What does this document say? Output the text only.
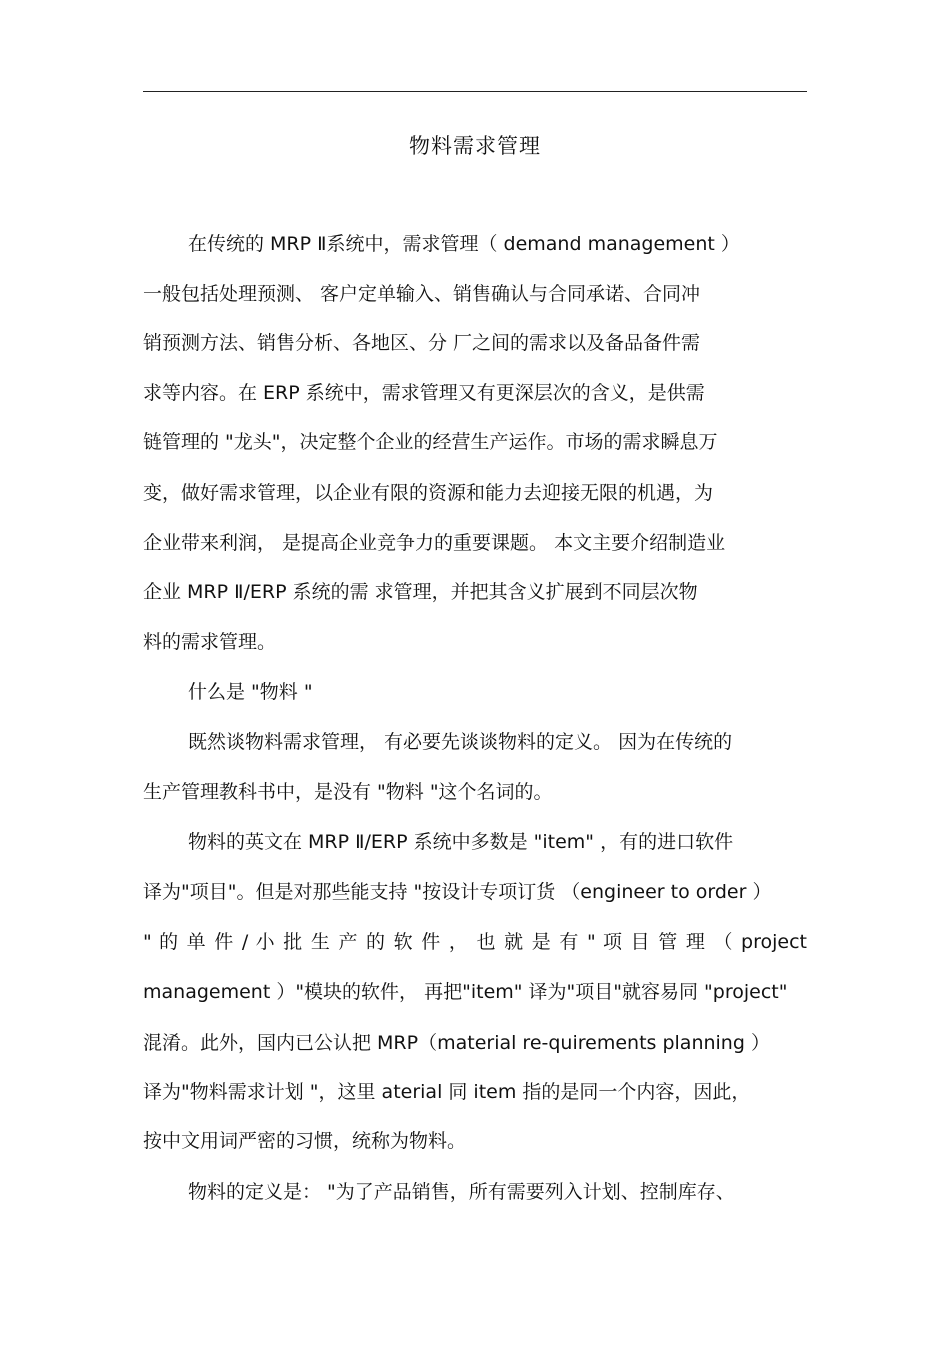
物料需求管理
在传统的 MRP Ⅱ系统中，需求管理（ demand management ）
一般包括处理预测、 客户定单输入、销售确认与合同承诺、合同冲
销预测方法、销售分析、各地区、分 厂之间的需求以及备品备件需
求等内容。在 ERP 系统中，需求管理又有更深层次的含义，是供需
链管理的 "龙头"，决定整个企业的经营生产运作。市场的需求瞬息万
变，做好需求管理，以企业有限的资源和能力去迎接无限的机遇，为
企业带来利润， 是提高企业竞争力的重要课题。 本文主要介绍制造业
企业 MRP Ⅱ/ERP 系统的需 求管理，并把其含义扩展到不同层次物
料的需求管理。
什么是 "物料 "
既然谈物料需求管理， 有必要先谈谈物料的定义。 因为在传统的
生产管理教科书中，是没有 "物料 "这个名词的。
物料的英文在 MRP Ⅱ/ERP 系统中多数是 "item" ，有的进口软件
译为"项目"。但是对那些能支持 "按设计专项订货 （engineer to order ）
" 的 单 件 / 小 批 生 产 的 软 件 ， 也 就 是 有 " 项 目 管 理 （ project
management ）"模块的软件， 再把"item" 译为"项目"就容易同 "project"
混淆。此外，国内已公认把 MRP（material re-quirements planning ）
译为"物料需求计划 "，这里 aterial 同 item 指的是同一个内容，因此，
按中文用词严密的习惯，统称为物料。
物料的定义是： "为了产品销售，所有需要列入计划、控制库存、
